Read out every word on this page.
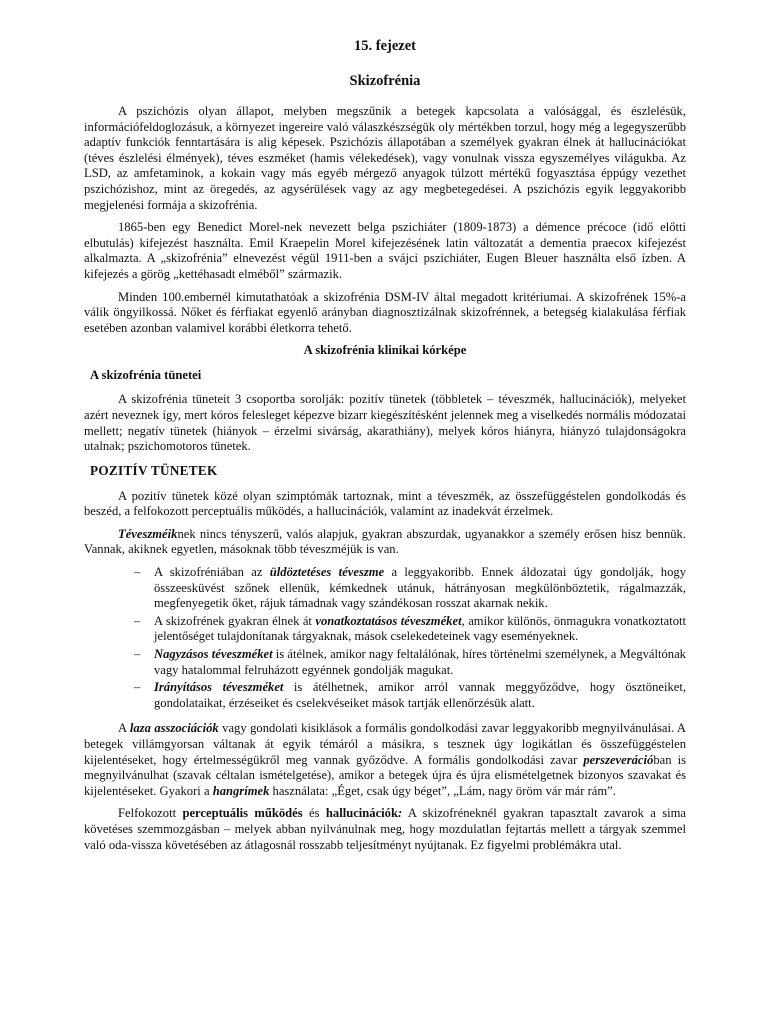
15. fejezet
Skizofrénia

A pszichózis olyan állapot, melyben megszűnik a betegek kapcsolata a valósággal, és észlelésük, információfeldoglozásuk, a környezet ingereire való válaszkészségük oly mértékben torzul, hogy még a legegyszerűbb adaptív funkciók fenntartására is alig képesek. Pszichózis állapotában a személyek gyakran élnek át hallucinációkat (téves észlelési élmények), téves eszméket (hamis vélekedések), vagy vonulnak vissza egyszemélyes világukba. Az LSD, az amfetaminok, a kokain vagy más egyéb mérgező anyagok túlzott mértékű fogyasztása éppúgy vezethet pszichózishoz, mint az öregedés, az agysérülések vagy az agy megbetegedései. A pszichózis egyik leggyakoribb megjelenési formája a skizofrénia.

1865-ben egy Benedict Morel-nek nevezett belga pszichiáter (1809-1873) a démence précoce (idő előtti elbutulás) kifejezést használta. Emil Kraepelin Morel kifejezésének latin változatát a dementia praecox kifejezést alkalmazta. A „skizofrénia” elnevezést végül 1911-ben a svájci pszichiáter, Eugen Bleuer használta első ízben. A kifejezés a görög „kettéhasadt elméből” származik.

Minden 100.embernél kimutathatóak a skizofrénia DSM-IV által megadott kritériumai. A skizofrének 15%-a válik öngyilkossá. Nőket és férfiakat egyenlő arányban diagnosztizálnak skizofrénnek, a betegség kialakulása férfiak esetében azonban valamivel korábbi életkorra tehető.

A skizofrénia klinikai kórképe
A skizofrénia tünetei

A skizofrénia tüneteit 3 csoportba sorolják: pozitív tünetek (többletek – téveszmék, hallucinációk), melyeket azért neveznek így, mert kóros felesleget képezve bizarr kiegészítésként jelennek meg a viselkedés normális módozatai mellett; negatív tünetek (hiányok – érzelmi sivárság, akarathiány), melyek kóros hiányra, hiányzó tulajdonságokra utalnak; pszichomotoros tünetek.

POZITÍV TÜNETEK

A pozitív tünetek közé olyan szimptómák tartoznak, mint a téveszmék, az összefüggéstelen gondolkodás és beszéd, a felfokozott perceptuális működés, a hallucinációk, valamint az inadekvát érzelmek.

Téveszméiknek nincs tényszerű, valós alapjuk, gyakran abszurdak, ugyanakkor a személy erősen hisz bennük. Vannak, akiknek egyetlen, másoknak több téveszméjük is van.

– A skizofréniában az üldöztetéses téveszme a leggyakoribb. Ennek áldozatai úgy gondolják, hogy összeesküvést szőnek ellenük, kémkednek utánuk, hátrányosan megkülönböztetik, rágalmazzák, megfenyegetik őket, rájuk támadnak vagy szándékosan rosszat akarnak nekik.
– A skizofrének gyakran élnek át vonatkoztatásos téveszméket, amikor különös, önmagukra vonatkoztatott jelentőséget tulajdonítanak tárgyaknak, mások cselekedeteinek vagy eseményeknek.
– Nagyzásos téveszméket is átélnek, amikor nagy feltalálónak, híres történelmi személynek, a Megváltónak vagy hatalommal felruházott egyénnek gondolják magukat.
– Irányításos téveszméket is átélhetnek, amikor arról vannak meggyőződve, hogy ösztöneiket, gondolataikat, érzéseiket és cselekvéseiket mások tartják ellenőrzésük alatt.

A laza asszociációk vagy gondolati kisiklások a formális gondolkodási zavar leggyakoribb megnyilvánulásai. A betegek villámgyorsan váltanak át egyik témáról a másikra, s tesznek úgy logikátlan és összefüggéstelen kijelentéseket, hogy értelmességükről meg vannak győződve. A formális gondolkodási zavar perszeverációban is megnyilvánulhat (szavak céltalan ismételgetése), amikor a betegek újra és újra elismételgetnek bizonyos szavakat és kijelentéseket. Gyakori a hangrímek használata: „Éget, csak úgy béget”, „Lám, nagy öröm vár már rám”.

Felfokozott perceptuális működés és hallucinációk: A skizofréneknél gyakran tapasztalt zavarok a sima követéses szemmozgásban – melyek abban nyilvánulnak meg, hogy mozdulatlan fejtartás mellett a tárgyak szemmel való oda-vissza követésében az átlagosnál rosszabb teljesítményt nyújtanak. Ez figyelmi problémákra utal.
